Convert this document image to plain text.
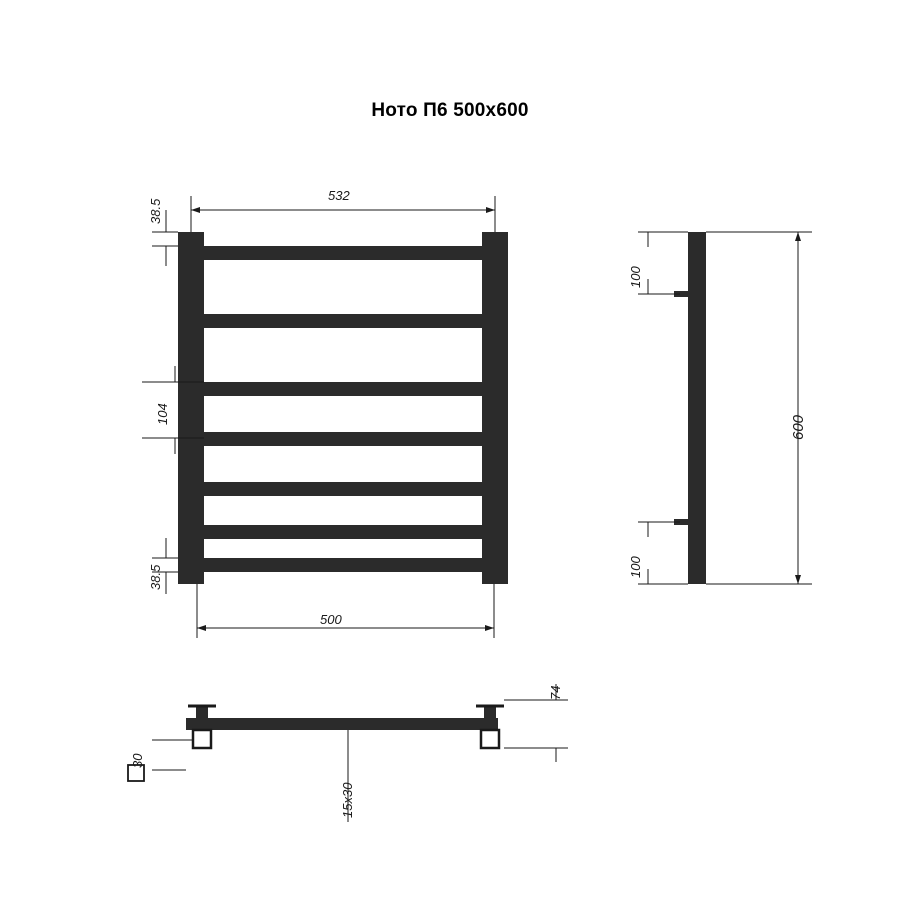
Ното П6 500х600
532
38.5
104
38.5
500
100
600
100
74
30
15х30
